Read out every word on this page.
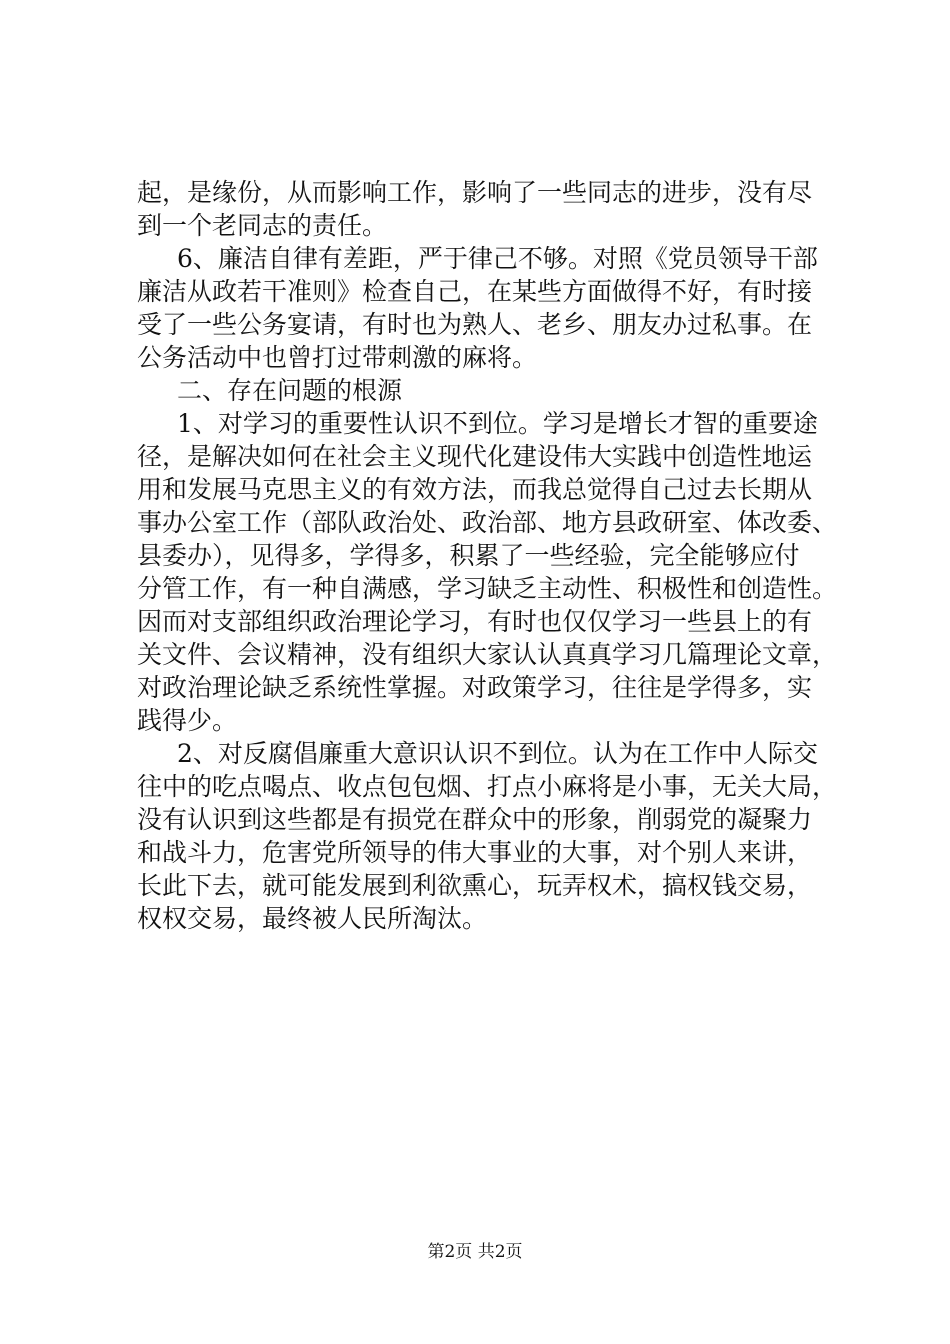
起，是缘份，从而影响工作，影响了一些同志的进步，没有尽
到一个老同志的责任。
6、廉洁自律有差距，严于律己不够。对照《党员领导干部
廉洁从政若干准则》检查自己，在某些方面做得不好，有时接
受了一些公务宴请，有时也为熟人、老乡、朋友办过私事。在
公务活动中也曾打过带刺激的麻将。
二、存在问题的根源
1、对学习的重要性认识不到位。学习是增长才智的重要途
径，是解决如何在社会主义现代化建设伟大实践中创造性地运
用和发展马克思主义的有效方法，而我总觉得自己过去长期从
事办公室工作（部队政治处、政治部、地方县政研室、体改委、
县委办），见得多，学得多，积累了一些经验，完全能够应付
分管工作，有一种自满感，学习缺乏主动性、积极性和创造性。
因而对支部组织政治理论学习，有时也仅仅学习一些县上的有
关文件、会议精神，没有组织大家认认真真学习几篇理论文章，
对政治理论缺乏系统性掌握。对政策学习，往往是学得多，实
践得少。
2、对反腐倡廉重大意识认识不到位。认为在工作中人际交
往中的吃点喝点、收点包包烟、打点小麻将是小事，无关大局，
没有认识到这些都是有损党在群众中的形象，削弱党的凝聚力
和战斗力，危害党所领导的伟大事业的大事，对个别人来讲，
长此下去，就可能发展到利欲熏心，玩弄权术，搞权钱交易，
权权交易，最终被人民所淘汰。
第2页 共2页
